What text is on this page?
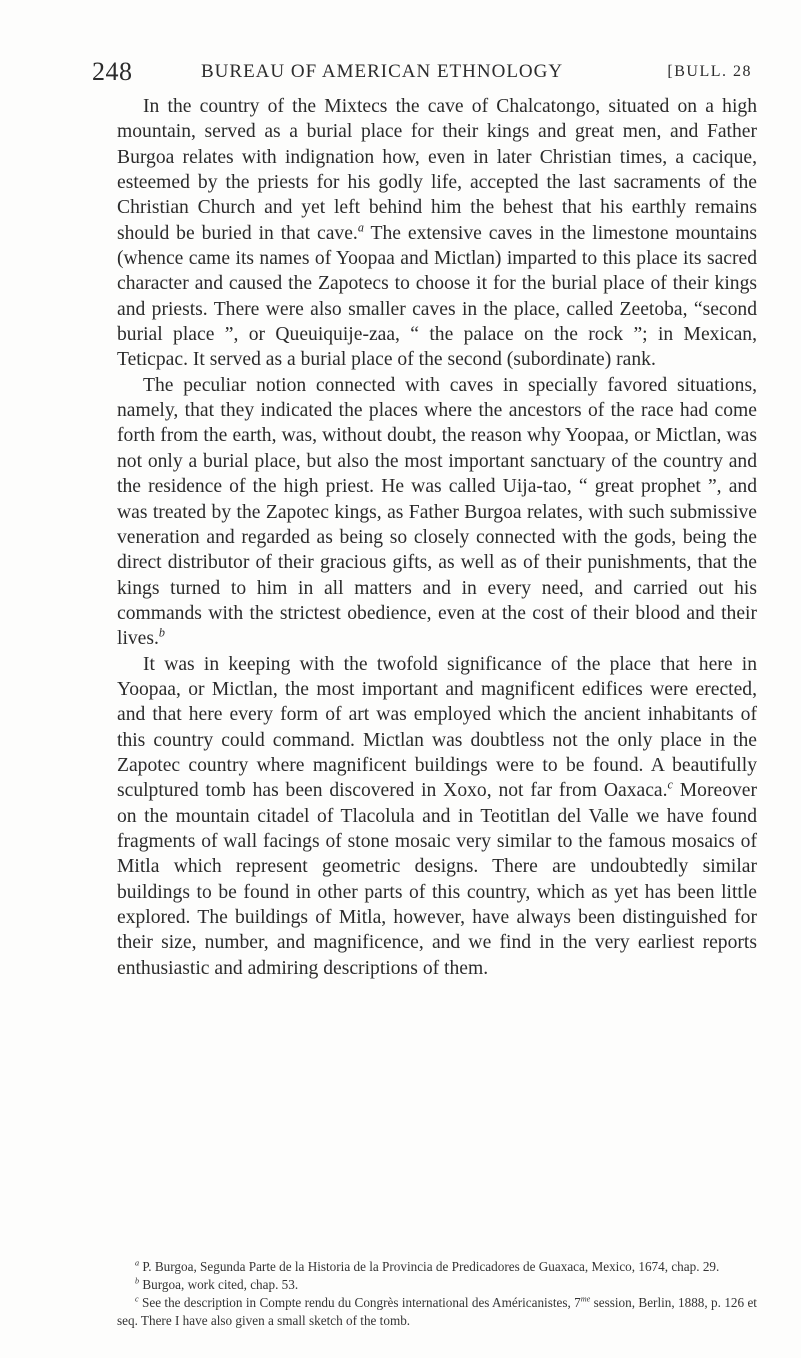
248	BUREAU OF AMERICAN ETHNOLOGY	[BULL. 28

In the country of the Mixtecs the cave of Chalcatongo, situated on a high mountain, served as a burial place for their kings and great men, and Father Burgoa relates with indignation how, even in later Christian times, a cacique, esteemed by the priests for his godly life, accepted the last sacraments of the Christian Church and yet left behind him the behest that his earthly remains should be buried in that cave.$^a$ The extensive caves in the limestone mountains (whence came its names of Yoopaa and Mictlan) imparted to this place its sacred character and caused the Zapotecs to choose it for the burial place of their kings and priests. There were also smaller caves in the place, called Zeetoba, “second burial place ”, or Queuiquije-zaa, “ the palace on the rock ”; in Mexican, Teticpac. It served as a burial place of the second (subordinate) rank.

The peculiar notion connected with caves in specially favored situations, namely, that they indicated the places where the ancestors of the race had come forth from the earth, was, without doubt, the reason why Yoopaa, or Mictlan, was not only a burial place, but also the most important sanctuary of the country and the residence of the high priest. He was called Uija-tao, “ great prophet ”, and was treated by the Zapotec kings, as Father Burgoa relates, with such submissive veneration and regarded as being so closely connected with the gods, being the direct distributor of their gracious gifts, as well as of their punishments, that the kings turned to him in all matters and in every need, and carried out his commands with the strictest obedience, even at the cost of their blood and their lives.$^b$

It was in keeping with the twofold significance of the place that here in Yoopaa, or Mictlan, the most important and magnificent edifices were erected, and that here every form of art was employed which the ancient inhabitants of this country could command. Mictlan was doubtless not the only place in the Zapotec country where magnificent buildings were to be found. A beautifully sculptured tomb has been discovered in Xoxo, not far from Oaxaca.$^c$ Moreover on the mountain citadel of Tlacolula and in Teotitlan del Valle we have found fragments of wall facings of stone mosaic very similar to the famous mosaics of Mitla which represent geometric designs. There are undoubtedly similar buildings to be found in other parts of this country, which as yet has been little explored. The buildings of Mitla, however, have always been distinguished for their size, number, and magnificence, and we find in the very earliest reports enthusiastic and admiring descriptions of them.

$^a$ P. Burgoa, Segunda Parte de la Historia de la Provincia de Predicadores de Guaxaca, Mexico, 1674, chap. 29.

$^b$ Burgoa, work cited, chap. 53.

$^c$ See the description in Compte rendu du Congrès international des Américanistes, $7^{me}$ session, Berlin, 1888, p. 126 et seq. There I have also given a small sketch of the tomb.
